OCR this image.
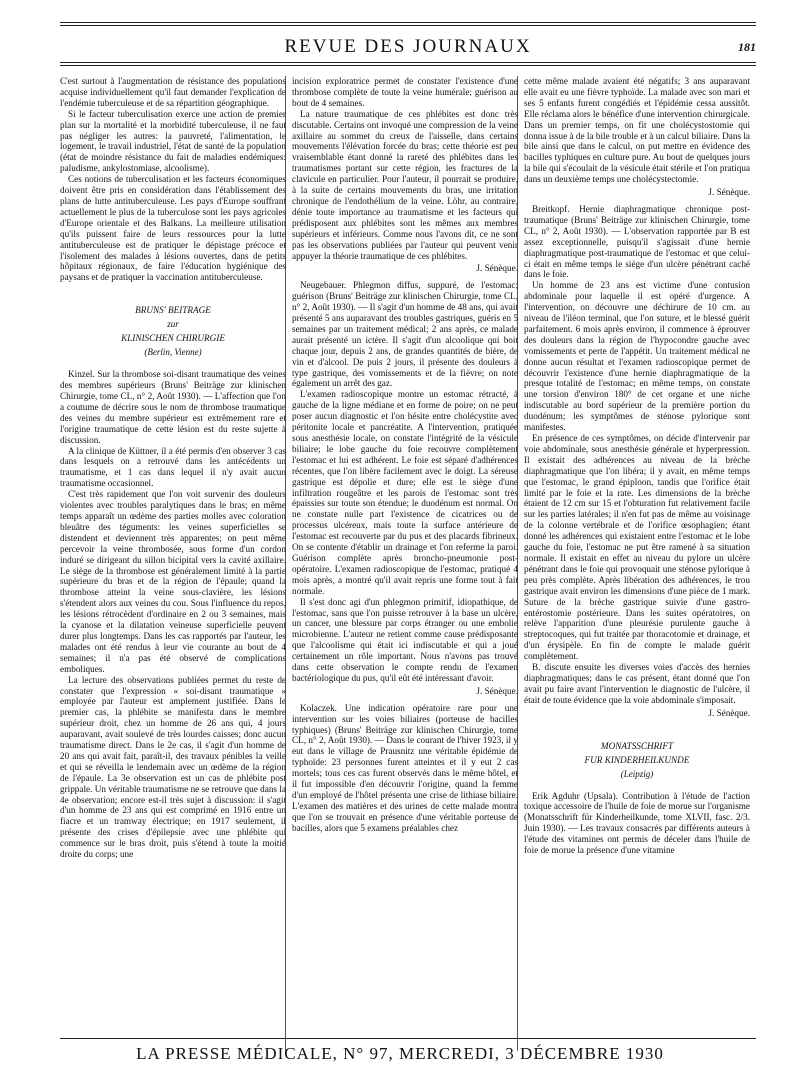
REVUE DES JOURNAUX	181

C'est surtout à l'augmentation de résistance des populations acquise individuellement qu'il faut demander l'explication de l'endémie tuberculeuse et de sa répartition géographique.

Si le facteur tuberculisation exerce une action de premier plan sur la mortalité et la morbidité tuberculeuse, il ne faut pas négliger les autres: la pauvreté, l'alimentation, le logement, le travail industriel, l'état de santé de la population (état de moindre résistance du fait de maladies endémiques: paludisme, ankylostomiase, alcoolisme).

Ces notions de tuberculisation et les facteurs économiques doivent être pris en considération dans l'établissement des plans de lutte antituberculeuse. Les pays d'Europe souffrant actuellement le plus de la tuberculose sont les pays agricoles d'Europe orientale et des Balkans. La meilleure utilisation qu'ils puissent faire de leurs ressources pour la lutte antituberculeuse est de pratiquer le dépistage précoce et l'isolement des malades à lésions ouvertes, dans de petits hôpitaux régionaux, de faire l'éducation hygiénique des paysans et de pratiquer la vaccination antituberculeuse.

BRUNS' BEITRAGE
zur
KLINISCHEN CHIRURGIE
(Berlin, Vienne)

Kinzel. Sur la thrombose soi-disant traumatique des veines des membres supérieurs (Bruns' Beiträge zur klinischen Chirurgie, tome CL, n° 2, Août 1930). — L'affection que l'on a coutume de décrire sous le nom de thrombose traumatique des veines du membre supérieur est extrêmement rare et l'origine traumatique de cette lésion est du reste sujette à discussion.

A la clinique de Küttner, il a été permis d'en observer 3 cas dans lesquels on a retrouvé dans les antécédents un traumatisme, et 1 cas dans lequel il n'y avait aucun traumatisme occasionnel.

C'est très rapidement que l'on voit survenir des douleurs violentes avec troubles paralytiques dans le bras; en même temps apparaît un œdème des parties molles avec coloration bleuâtre des téguments: les veines superficielles se distendent et deviennent très apparentes; on peut même percevoir la veine thrombosée, sous forme d'un cordon induré se dirigeant du sillon bicipital vers la cavité axillaire. Le siège de la thrombose est généralement limité à la partie supérieure du bras et de la région de l'épaule; quand la thrombose atteint la veine sous-clavière, les lésions s'étendent alors aux veines du cou. Sous l'influence du repos, les lésions rétrocèdent d'ordinaire en 2 ou 3 semaines, mais la cyanose et la dilatation veineuse superficielle peuvent durer plus longtemps. Dans les cas rapportés par l'auteur, les malades ont été rendus à leur vie courante au bout de 4 semaines; il n'a pas été observé de complications emboliques.

La lecture des observations publiées permet du reste de constater que l'expression « soi-disant traumatique » employée par l'auteur est amplement justifiée. Dans le premier cas, la phlébite se manifesta dans le membre supérieur droit, chez un homme de 26 ans qui, 4 jours auparavant, avait soulevé de très lourdes caisses; donc aucun traumatisme direct. Dans le 2e cas, il s'agit d'un homme de 20 ans qui avait fait, paraît-il, des travaux pénibles la veille et qui se réveilla le lendemain avec un œdème de la région de l'épaule. La 3e observation est un cas de phlébite post grippale. Un véritable traumatisme ne se retrouve que dans la 4e observation; encore est-il très sujet à discussion: il s'agit d'un homme de 23 ans qui est comprimé en 1916 entre un fiacre et un tramway électrique; en 1917 seulement, il présente des crises d'épilepsie avec une phlébite qui commence sur le bras droit, puis s'étend à toute la moitié droite du corps; une

incision exploratrice permet de constater l'existence d'une thrombose complète de toute la veine humérale; guérison au bout de 4 semaines.

La nature traumatique de ces phlébites est donc très discutable. Certains ont invoqué une compression de la veine axillaire au sommet du creux de l'aisselle, dans certains mouvements l'élévation forcée du bras; cette théorie est peu vraisemblable étant donné la rareté des phlébites dans les traumatismes portant sur cette région, les fractures de la clavicule en particulier. Pour l'auteur, il pourrait se produire, à la suite de certains mouvements du bras, une irritation chronique de l'endothélium de la veine. Löhr, au contraire, dénie toute importance au traumatisme et les facteurs qui prédisposent aux phlébites sont les mêmes aux membres supérieurs et inférieurs. Comme nous l'avons dit, ce ne sont pas les observations publiées par l'auteur qui peuvent venir appuyer la théorie traumatique de ces phlébites.

J. Sénèque.

Neugebauer. Phlegmon diffus, suppuré, de l'estomac; guérison (Bruns' Beiträge zur klinischen Chirurgie, tome CL, n° 2, Août 1930). — Il s'agit d'un homme de 48 ans, qui avait présenté 5 ans auparavant des troubles gastriques, guéris en 5 semaines par un traitement médical; 2 ans après, ce malade aurait présenté un ictère. Il s'agit d'un alcoolique qui boit chaque jour, depuis 2 ans, de grandes quantités de bière, de vin et d'alcool. De puis 2 jours, il présente des douleurs à type gastrique, des vomissements et de la fièvre; on note également un arrêt des gaz.

L'examen radioscopique montre un estomac rétracté, à gauche de la ligne médiane et en forme de poire; on ne peut poser aucun diagnostic et l'on hésite entre cholécystite avec péritonite locale et pancréatite. A l'intervention, pratiquée sous anesthésie locale, on constate l'intégrité de la vésicule biliaire; le lobe gauche du foie recouvre complètement l'estomac et lui est adhérent. Le foie est séparé d'adhérences récentes, que l'on libère facilement avec le doigt. La séreuse gastrique est dépolie et dure; elle est le siège d'une infiltration rougeâtre et les parois de l'estomac sont très épaissies sur toute son étendue; le duodénum est normal. On ne constate nulle part l'existence de cicatrices ou de processus ulcéreux, mais toute la surface antérieure de l'estomac est recouverte par du pus et des placards fibrineux. On se contente d'établir un drainage et l'on referme la paroi. Guérison complète après broncho-pneumonie post-opératoire. L'examen radioscopique de l'estomac, pratiqué 4 mois après, a montré qu'il avait repris une forme tout à fait normale.

Il s'est donc agi d'un phlegmon primitif, idiopathique, de l'estomac, sans que l'on puisse retrouver à la base un ulcère, un cancer, une blessure par corps étranger ou une embolie microbienne. L'auteur ne retient comme cause prédisposante que l'alcoolisme qui était ici indiscutable et qui a joué certainement un rôle important. Nous n'avons pas trouvé dans cette observation le compte rendu de l'examen bactériologique du pus, qu'il eût été intéressant d'avoir.

J. Sénèque.

Kolaczek. Une indication opératoire rare pour une intervention sur les voies biliaires (porteuse de bacilles typhiques) (Bruns' Beiträge zur klinischen Chirurgie, tome CL, n° 2, Août 1930). — Dans le courant de l'hiver 1923, il y eut dans le village de Prausnitz une véritable épidémie de typhoïde: 23 personnes furent atteintes et il y eut 2 cas mortels; tous ces cas furent observés dans le même hôtel, et il fut impossible d'en découvrir l'origine, quand la femme d'un employé de l'hôtel présenta une crise de lithiase biliaire. L'examen des matières et des urines de cette malade montra que l'on se trouvait en présence d'une véritable porteuse de bacilles, alors que 5 examens préalables chez

cette même malade avaient été négatifs; 3 ans auparavant elle avait eu une fièvre typhoïde. La malade avec son mari et ses 5 enfants furent congédiés et l'épidémie cessa aussitôt. Elle réclama alors le bénéfice d'une intervention chirurgicale. Dans un premier temps, on fit une cholécystostomie qui donna issue à de la bile trouble et à un calcul biliaire. Dans la bile ainsi que dans le calcul, on put mettre en évidence des bacilles typhiques en culture pure. Au bout de quelques jours la bile qui s'écoulait de la vésicule était stérile et l'on pratiqua dans un deuxième temps une cholécystectomie.

J. Sénèque.

Breitkopf. Hernie diaphragmatique chronique post-traumatique (Bruns' Beiträge zur klinischen Chirurgie, tome CL, n° 2, Août 1930). — L'observation rapportée par B est assez exceptionnelle, puisqu'il s'agissait d'une hernie diaphragmatique post-traumatique de l'estomac et que celui-ci était en même temps le siège d'un ulcère pénétrant caché dans le foie.

Un homme de 23 ans est victime d'une contusion abdominale pour laquelle il est opéré d'urgence. A l'intervention, on découvre une déchirure de 10 cm. au niveau de l'iléon terminal, que l'on suture, et le blessé guérit parfaitement. 6 mois après environ, il commence à éprouver des douleurs dans la région de l'hypocondre gauche avec vomissements et perte de l'appétit. Un traitement médical ne donne aucun résultat et l'examen radioscopique permet de découvrir l'existence d'une hernie diaphragmatique de la presque totalité de l'estomac; en même temps, on constate une torsion d'environ 180° de cet organe et une niche indiscutable au bord supérieur de la première portion du duodénum; les symptômes de sténose pylorique sont manifestes.

En présence de ces symptômes, on décide d'intervenir par voie abdominale, sous anesthésie générale et hyperpression. Il existait des adhérences au niveau de la brèche diaphragmatique que l'on libéra; il y avait, en même temps que l'estomac, le grand épiploon, tandis que l'orifice était limité par le foie et la rate. Les dimensions de la brèche étaient de 12 cm sur 15 et l'obturation fut relativement facile sur les parties latérales; il n'en fut pas de même au voisinage de la colonne vertébrale et de l'orifice œsophagien; étant donné les adhérences qui existaient entre l'estomac et le lobe gauche du foie, l'estomac ne put être ramené à sa situation normale. Il existait en effet au niveau du pylore un ulcère pénétrant dans le foie qui provoquait une sténose pylorique à peu près complète. Après libération des adhérences, le trou gastrique avait environ les dimensions d'une pièce de 1 mark. Suture de la brèche gastrique suivie d'une gastro-entérostomie postérieure. Dans les suites opératoires, on relève l'apparition d'une pleurésie purulente gauche à streptocoques, qui fut traitée par thoracotomie et drainage, et d'un érysipèle. En fin de compte le malade guérit complètement.

B. discute ensuite les diverses voies d'accès des hernies diaphragmatiques; dans le cas présent, étant donné que l'on avait pu faire avant l'intervention le diagnostic de l'ulcère, il était de toute évidence que la voie abdominale s'imposait.

J. Sénèque.
MONATSSCHRIFT
FUR KINDERHEILKUNDE
(Leipzig)

Erik Agduhr (Upsala). Contribution à l'étude de l'action toxique accessoire de l'huile de foie de morue sur l'organisme (Monatsschrift für Kinderheilkunde, tome XLVII, fasc. 2/3. Juin 1930). — Les travaux consacrés par différents auteurs à l'étude des vitamines ont permis de déceler dans l'huile de foie de morue la présence d'une vitamine

LA PRESSE MÉDICALE, N° 97, MERCREDI, 3 DÉCEMBRE 1930
